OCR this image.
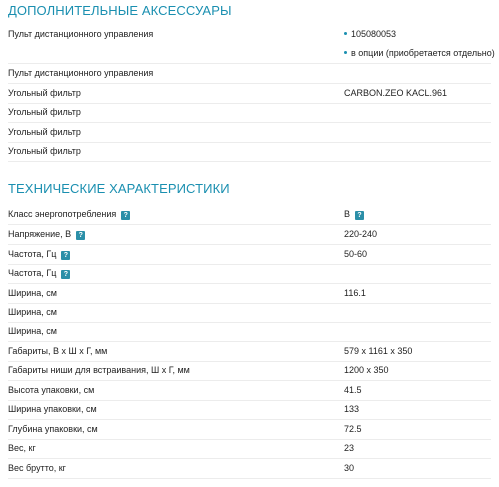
ДОПОЛНИТЕЛЬНЫЕ АКСЕССУАРЫ
Пульт дистанционного управления	105080053
в опции (приобретается отдельно)
Пульт дистанционного управления
Угольный фильтр	CARBON.ZEO KACL.961
Угольный фильтр
Угольный фильтр
Угольный фильтр
ТЕХНИЧЕСКИЕ ХАРАКТЕРИСТИКИ
Класс энергопотребления ?	B ?
Напряжение, В ?	220-240
Частота, Гц ?	50-60
Частота, Гц ?
Ширина, см	116.1
Ширина, см
Ширина, см
Габариты, В х Ш х Г, мм	579 x 1161 x 350
Габариты ниши для встраивания, Ш х Г, мм	1200 x 350
Высота упаковки, см	41.5
Ширина упаковки, см	133
Глубина упаковки, см	72.5
Вес, кг	23
Вес брутто, кг	30
